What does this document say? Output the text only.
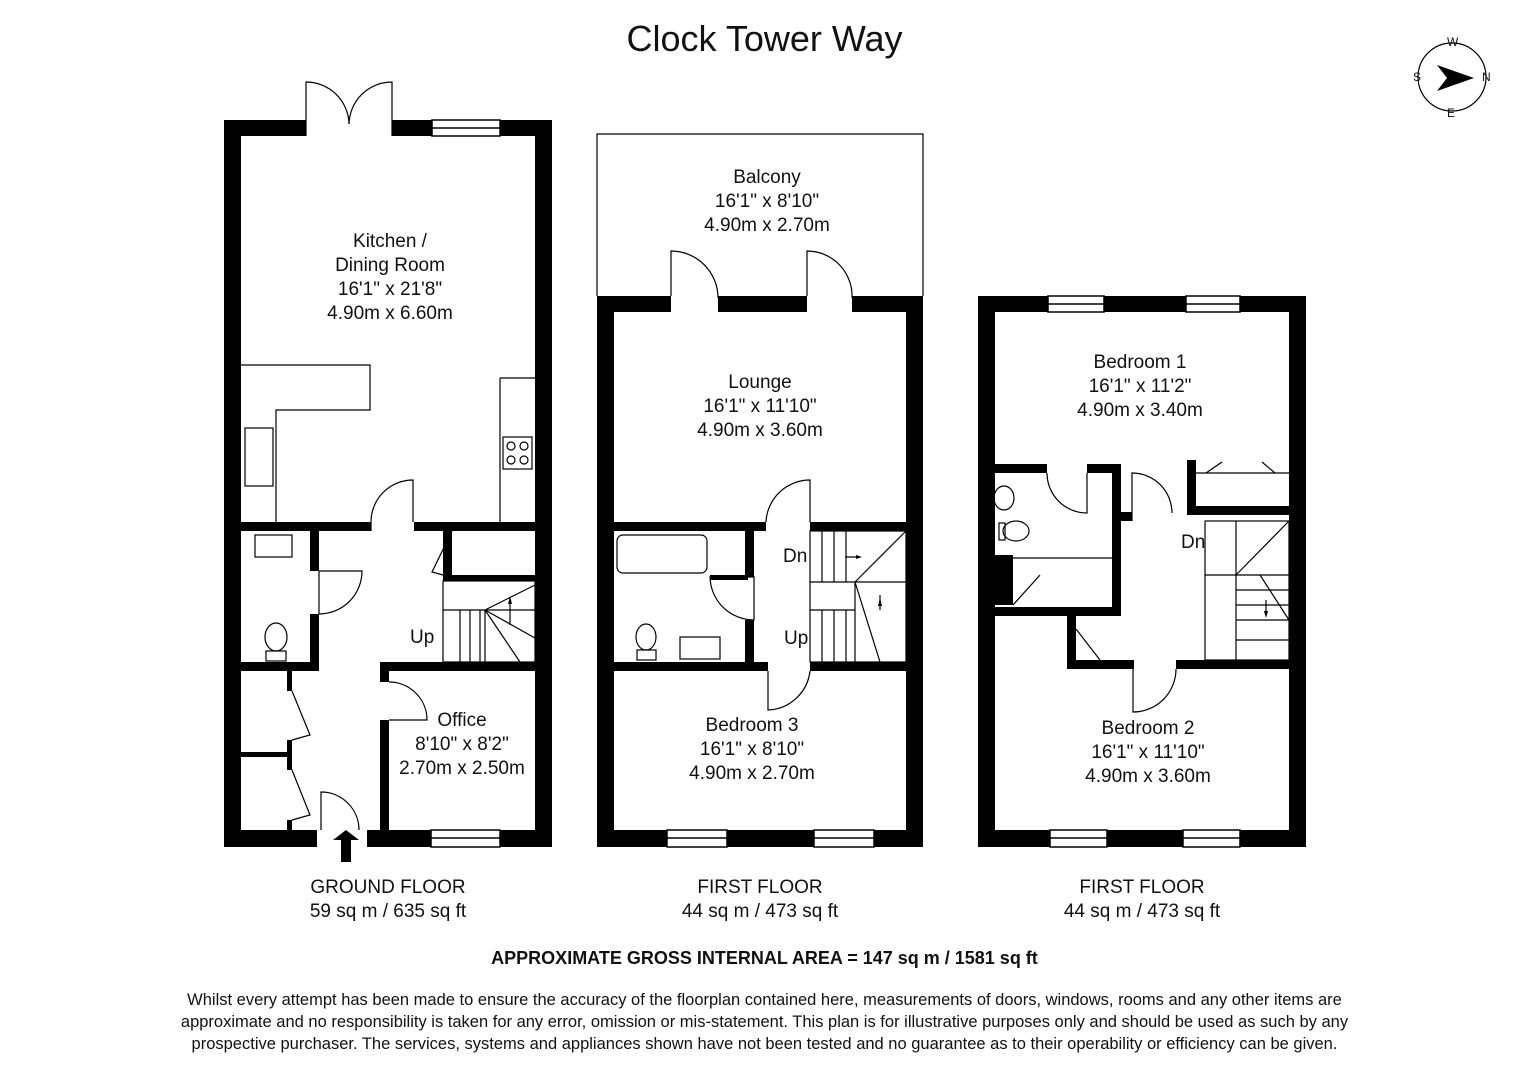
Clock Tower Way	W
S	N
E
Kitchen /
Dining Room
16'1" x 21'8"
4.90m x 6.60m
Office
8'10" x 8'2"
2.70m x 2.50m
Balcony
16'1" x 8'10"
4.90m x 2.70m
Lounge
16'1" x 11'10"
4.90m x 3.60m
Bedroom 3
16'1" x 8'10"
4.90m x 2.70m
Bedroom 1
16'1" x 11'2"
4.90m x 3.40m
Bedroom 2
16'1" x 11'10"
4.90m x 3.60m
Up
Dn
Up
Dn
GROUND FLOOR
59 sq m / 635 sq ft
FIRST FLOOR
44 sq m / 473 sq ft
FIRST FLOOR
44 sq m / 473 sq ft
APPROXIMATE GROSS INTERNAL AREA = 147 sq m / 1581 sq ft
Whilst every attempt has been made to ensure the accuracy of the floorplan contained here, measurements of doors, windows, rooms and any other items are
approximate and no responsibility is taken for any error, omission or mis-statement. This plan is for illustrative purposes only and should be used as such by any
prospective purchaser. The services, systems and appliances shown have not been tested and no guarantee as to their operability or efficiency can be given.
